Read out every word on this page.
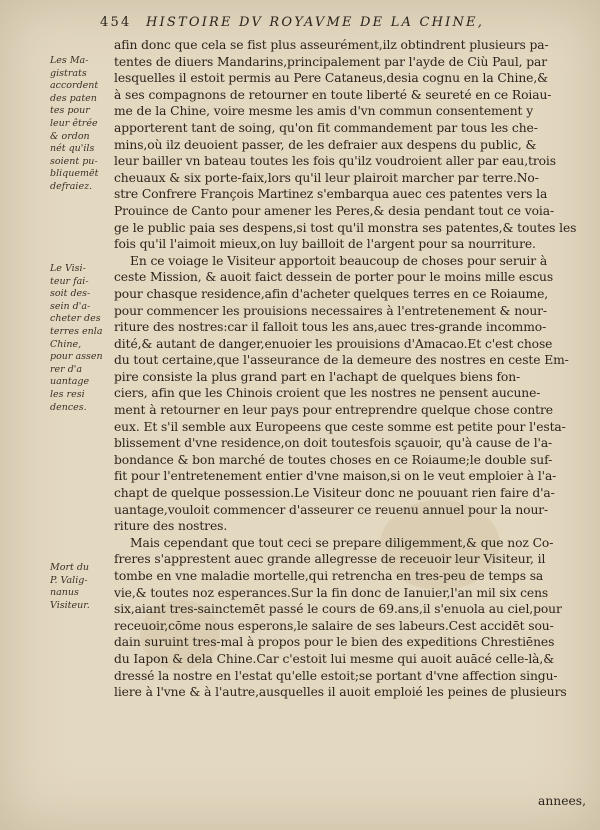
454 HISTOIRE DV ROYAVME DE LA CHINE,
Les Ma-
gistrats
accordent
des paten
tes pour
leur êtrée
& ordon
nét qu'ils
soient pu-
bliquemēt
defraiez.
Le Visi-
teur fai-
soit des-
sein d'a-
cheter des
terres enla
Chine,
pour assen
rer d'a
uantage
les resi
dences.
Mort du
P. Valig-
nanus
Visiteur.
afin donc que cela se fist plus asseurément,ilz obtindrent plusieurs pa-
tentes de diuers Mandarins,principalement par l'ayde de Ciù Paul, par
lesquelles il estoit permis au Pere Cataneus,desia cognu en la Chine,&
à ses compagnons de retourner en toute liberté & seureté en ce Roiau-
me de la Chine, voire mesme les amis d'vn commun consentement y
apporterent tant de soing, qu'on fit commandement par tous les che-
mins,où ilz deuoient passer, de les defraier aux despens du public, &
leur bailler vn bateau toutes les fois qu'ilz voudroient aller par eau,trois
cheuaux & six porte-faix,lors qu'il leur plairoit marcher par terre.No-
stre Confrere François Martinez s'embarqua auec ces patentes vers la
Prouince de Canto pour amener les Peres,& desia pendant tout ce voia-
ge le public paia ses despens,si tost qu'il monstra ses patentes,& toutes les
fois qu'il l'aimoit mieux,on luy bailloit de l'argent pour sa nourriture.
En ce voiage le Visiteur apportoit beaucoup de choses pour seruir à
ceste Mission, & auoit faict dessein de porter pour le moins mille escus
pour chasque residence,afin d'acheter quelques terres en ce Roiaume,
pour commencer les prouisions necessaires à l'entretenement & nour-
riture des nostres:car il falloit tous les ans,auec tres-grande incommo-
dité,& autant de danger,enuoier les prouisions d'Amacao.Et c'est chose
du tout certaine,que l'asseurance de la demeure des nostres en ceste Em-
pire consiste la plus grand part en l'achapt de quelques biens fon-
ciers, afin que les Chinois croient que les nostres ne pensent aucune-
ment à retourner en leur pays pour entreprendre quelque chose contre
eux. Et s'il semble aux Europeens que ceste somme est petite pour l'esta-
blissement d'vne residence,on doit toutesfois sçauoir, qu'à cause de l'a-
bondance & bon marché de toutes choses en ce Roiaume;le double suf-
fit pour l'entretenement entier d'vne maison,si on le veut emploier à l'a-
chapt de quelque possession.Le Visiteur donc ne pouuant rien faire d'a-
uantage,vouloit commencer d'asseurer ce reuenu annuel pour la nour-
riture des nostres.
Mais cependant que tout ceci se prepare diligemment,& que noz Co-
freres s'apprestent auec grande allegresse de receuoir leur Visiteur, il
tombe en vne maladie mortelle,qui retrencha en tres-peu de temps sa
vie,& toutes noz esperances.Sur la fin donc de Ianuier,l'an mil six cens
six,aiant tres-sainctemēt passé le cours de 69.ans,il s'enuola au ciel,pour
receuoir,cōme nous esperons,le salaire de ses labeurs.Cest accidēt sou-
dain suruint tres-mal à propos pour le bien des expeditions Chrestiēnes
du Iapon & dela Chine.Car c'estoit lui mesme qui auoit auācé celle-là,&
dressé la nostre en l'estat qu'elle estoit;se portant d'vne affection singu-
liere à l'vne & à l'autre,ausquelles il auoit emploié les peines de plusieurs
annees,
